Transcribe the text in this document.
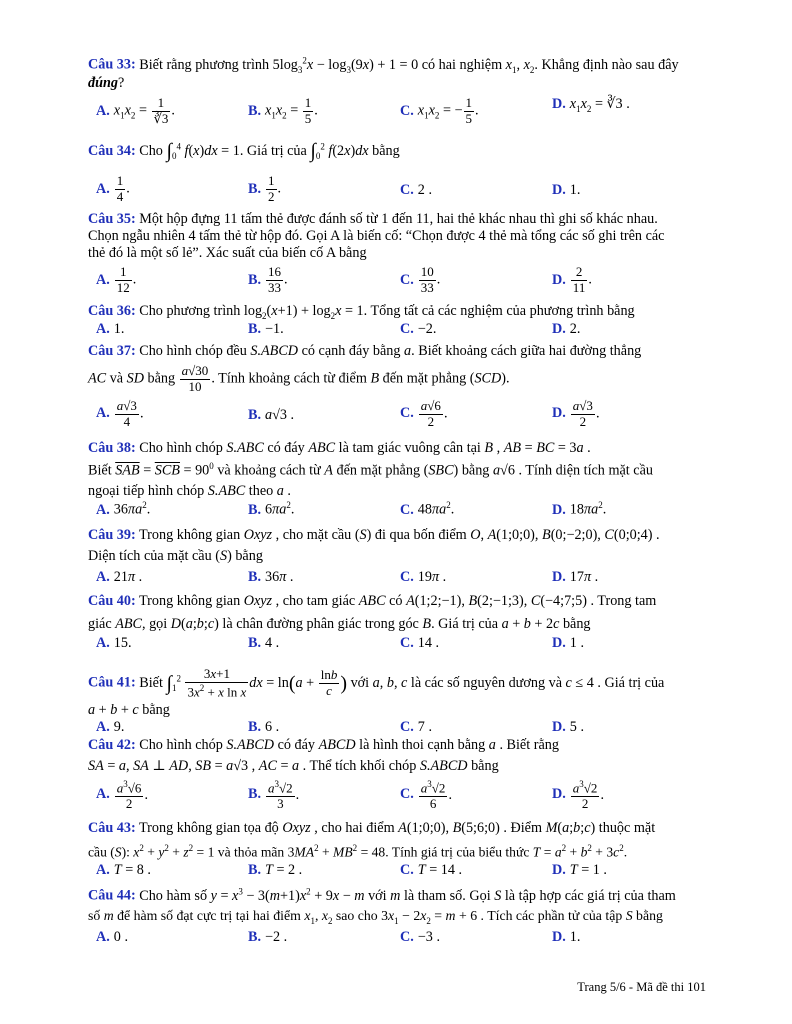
Câu 33: Biết rằng phương trình $5\log_3^2x - \log_3(9x) + 1 = 0$ có hai nghiệm $x_1$, $x_2$. Khẳng định nào sau đây

đúng?

A. $x_1x_2 = \frac{1}{∛3}$ .	B. $x_1x_2 = \frac{1}{5}$ .	C. $x_1x_2$ = − $\frac{1}{5}$ .	D. $x_1x_2$ = ∛3 .

Câu 34: Cho $\int_0^4$ f(x)dx = 1. Giá trị của $\int_0^2$ f(2x)dx bằng

A. $\frac{1}{4}$ .	B. $\frac{1}{2}$ .	C. 2 .	D. 1.

Câu 35: Một hộp đựng 11 tấm thẻ được đánh số từ 1 đến 11, hai thẻ khác nhau thì ghi số khác nhau.

Chọn ngẫu nhiên 4 tấm thẻ từ hộp đó. Gọi A là biến cố: “Chọn được 4 thẻ mà tổng các số ghi trên các

thẻ đó là một số lẻ”. Xác suất của biến cố A bằng

A. $\frac{1}{12}$ .	B. $\frac{16}{33}$ .	C. $\frac{10}{33}$ .	D. $\frac{2}{11}$ .

Câu 36: Cho phương trình $\log_2(x+1) + \log_2x = 1$. Tổng tất cả các nghiệm của phương trình bằng

A. 1.	B. −1.	C. −2.	D. 2.

Câu 37: Cho hình chóp đều S.ABCD có cạnh đáy bằng a. Biết khoảng cách giữa hai đường thẳng

AC và SD bằng $\frac{a√30}{10}$ . Tính khoảng cách từ điểm B đến mặt phẳng (SCD).

A. $\frac{a√3}{4}$ .	B. a√3 .	C. $\frac{a√6}{2}$ .	D. $\frac{a√3}{2}$ .

Câu 38: Cho hình chóp S.ABC có đáy ABC là tam giác vuông cân tại B , AB = BC = 3a .

Biết $\overline{SAB} = \overline{SCB} = 90^0$ và khoảng cách từ A đến mặt phẳng (SBC) bằng a√6 . Tính diện tích mặt cầu

ngoại tiếp hình chóp S.ABC theo a .

A. $36\pi a^2$.	B. $6\pi a^2$.	C. $48\pi a^2$.	D. $18\pi a^2$.

Câu 39: Trong không gian Oxyz , cho mặt cầu (S) đi qua bốn điểm O, A(1;0;0), B(0;−2;0), C(0;0;4) .

Diện tích của mặt cầu (S) bằng

A. 21π .	B. 36π .	C. 19π .	D. 17π .

Câu 40: Trong không gian Oxyz , cho tam giác ABC có A(1;2;−1), B(2;−1;3), C(−4;7;5) . Trong tam

giác ABC, gọi D(a;b;c) là chân đường phân giác trong góc B. Giá trị của a + b + 2c bằng

A. 15.	B. 4 .	C. 14 .	D. 1 .

Câu 41: Biết $\int_1^2 \frac{3x+1}{3x^2 + x \ln x}$ dx = $\ln(a + \frac{\ln b}{c}$ ) với a, b, c là các số nguyên dương và c ≤ 4 . Giá trị của

a + b + c bằng

A. 9.	B. 6 .	C. 7 .	D. 5 .

Câu 42: Cho hình chóp S.ABCD có đáy ABCD là hình thoi cạnh bằng a . Biết rằng

SA = a, SA ⊥ AD, SB = a√3 , AC = a . Thể tích khối chóp S.ABCD bằng

A. $\frac{a^3√6}{2}$ .	B. $\frac{a^3√2}{3}$ .	C. $\frac{a^3√2}{6}$ .	D. $\frac{a^3√2}{2}$ .

Câu 43: Trong không gian tọa độ Oxyz , cho hai điểm A(1;0;0), B(5;6;0) . Điểm M(a;b;c) thuộc mặt

cầu (S): $x^2 + y^2 + z^2 = 1$ và thỏa mãn $3MA^2 + MB^2 = 48$. Tính giá trị của biểu thức $T = a^2 + b^2 + 3c^2$.

A. T = 8 .	B. T = 2 .	C. T = 14 .	D. T = 1 .

Câu 44: Cho hàm số $y = x^3 - 3(m+1)x^2 + 9x - m$ với m là tham số. Gọi S là tập hợp các giá trị của tham

số m để hàm số đạt cực trị tại hai điểm $x_1$, $x_2$ sao cho $3x_1 - 2x_2 = m + 6$ . Tích các phần tử của tập S bằng

A. 0 .	B. −2 .	C. −3 .	D. 1.
Trang 5/6 - Mã đề thi 101
